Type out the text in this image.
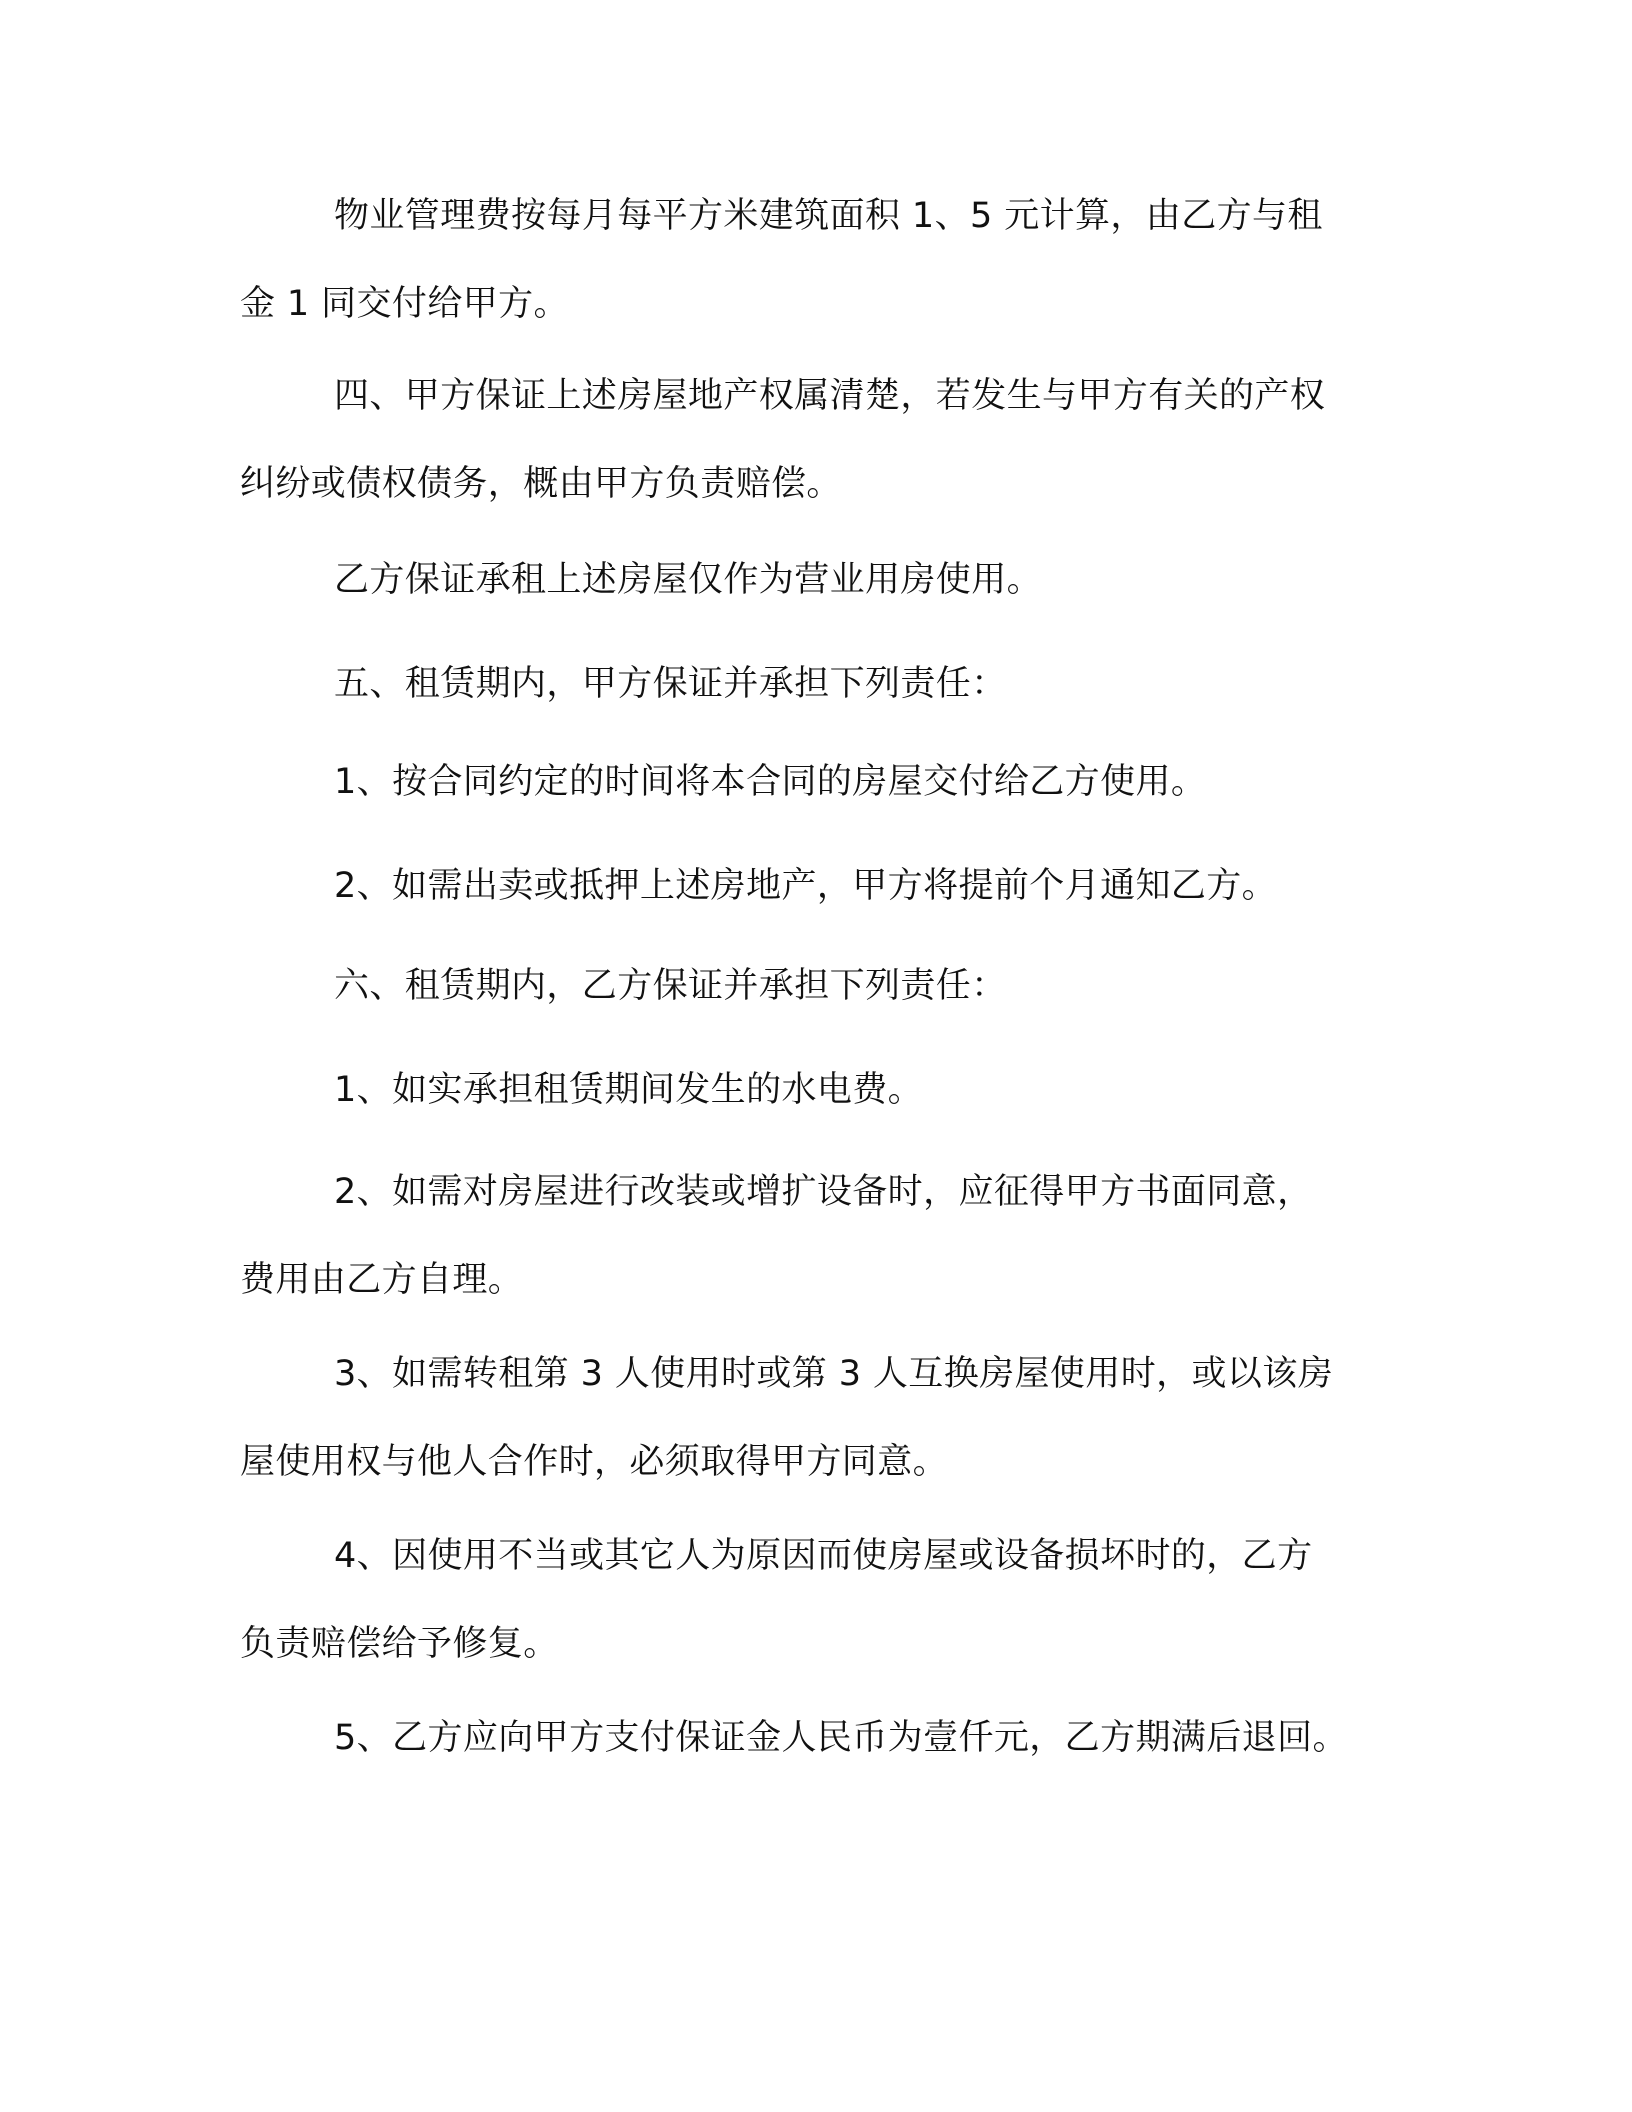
物业管理费按每月每平方米建筑面积 1、5 元计算，由乙方与租
金 1 同交付给甲方。

四、甲方保证上述房屋地产权属清楚，若发生与甲方有关的产权
纠纷或债权债务，概由甲方负责赔偿。

乙方保证承租上述房屋仅作为营业用房使用。

五、租赁期内，甲方保证并承担下列责任：

1、按合同约定的时间将本合同的房屋交付给乙方使用。

2、如需出卖或抵押上述房地产，甲方将提前个月通知乙方。

六、租赁期内，乙方保证并承担下列责任：

1、如实承担租赁期间发生的水电费。

2、如需对房屋进行改装或增扩设备时，应征得甲方书面同意，
费用由乙方自理。

3、如需转租第 3 人使用时或第 3 人互换房屋使用时，或以该房
屋使用权与他人合作时，必须取得甲方同意。

4、因使用不当或其它人为原因而使房屋或设备损坏时的，乙方
负责赔偿给予修复。

5、乙方应向甲方支付保证金人民币为壹仟元，乙方期满后退回。
